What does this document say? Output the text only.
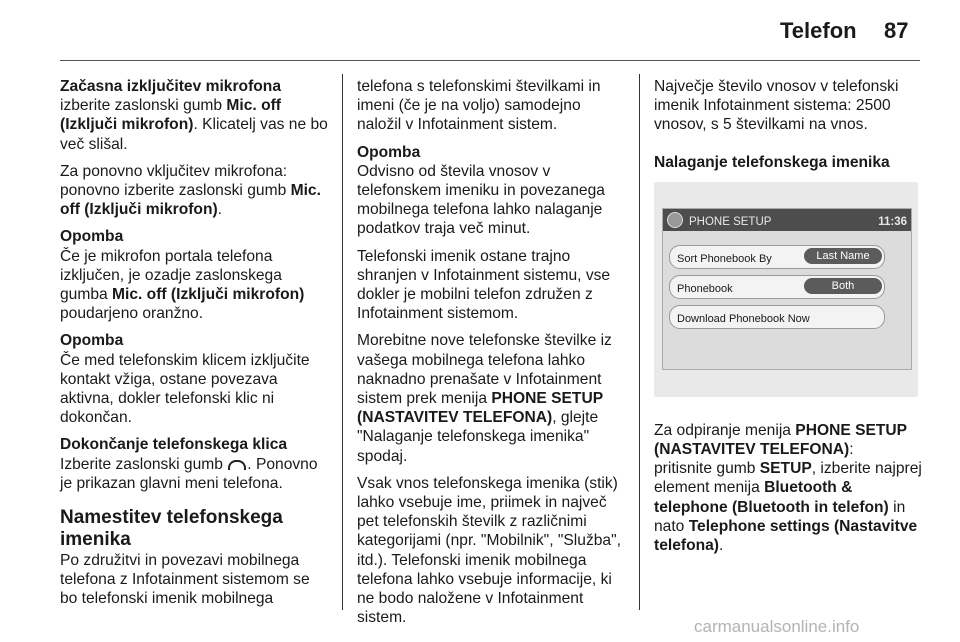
Telefon 87

Začasna izključitev mikrofona
izberite zaslonski gumb Mic. off (Izključi mikrofon). Klicatelj vas ne bo več slišal.

Za ponovno vključitev mikrofona: ponovno izberite zaslonski gumb Mic. off (Izključi mikrofon).

Opomba
Če je mikrofon portala telefona izključen, je ozadje zaslonskega gumba Mic. off (Izključi mikrofon) poudarjeno oranžno.

Opomba
Če med telefonskim klicem izključite kontakt vžiga, ostane povezava aktivna, dokler telefonski klic ni dokončan.

Dokončanje telefonskega klica
Izberite zaslonski gumb . Ponovno je prikazan glavni meni telefona.

Namestitev telefonskega imenika

Po združitvi in povezavi mobilnega telefona z Infotainment sistemom se bo telefonski imenik mobilnega

telefona s telefonskimi številkami in imeni (če je na voljo) samodejno naložil v Infotainment sistem.

Opomba
Odvisno od števila vnosov v telefonskem imeniku in povezanega mobilnega telefona lahko nalaganje podatkov traja več minut.

Telefonski imenik ostane trajno shranjen v Infotainment sistemu, vse dokler je mobilni telefon združen z Infotainment sistemom.

Morebitne nove telefonske številke iz vašega mobilnega telefona lahko naknadno prenašate v Infotainment sistem prek menija PHONE SETUP (NASTAVITEV TELEFONA), glejte "Nalaganje telefonskega imenika" spodaj.

Vsak vnos telefonskega imenika (stik) lahko vsebuje ime, priimek in največ pet telefonskih številk z različnimi kategorijami (npr. "Mobilnik", "Služba", itd.). Telefonski imenik mobilnega telefona lahko vsebuje informacije, ki ne bodo naložene v Infotainment sistem.

Največje število vnosov v telefonski imenik Infotainment sistema: 2500 vnosov, s 5 številkami na vnos.

Nalaganje telefonskega imenika

PHONE SETUP	11:36
Sort Phonebook By	Last Name
Phonebook	Both
Download Phonebook Now

Za odpiranje menija PHONE SETUP (NASTAVITEV TELEFONA):

pritisnite gumb SETUP, izberite najprej element menija Bluetooth & telephone (Bluetooth in telefon) in nato Telephone settings (Nastavitve telefona).

carmanualsonline.info
